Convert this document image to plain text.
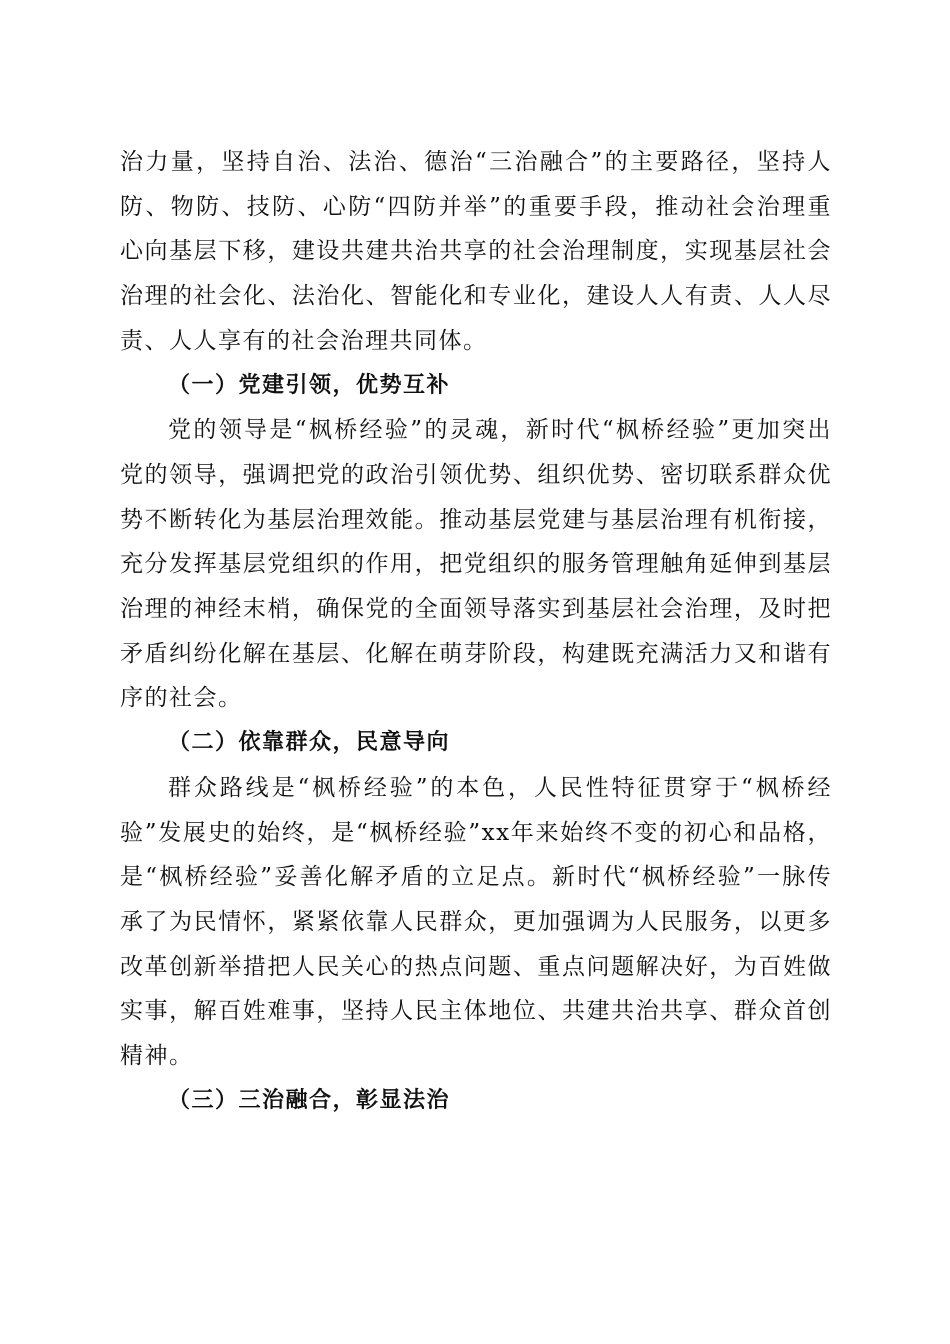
治力量，坚持自治、法治、德治“三治融合”的主要路径，坚持人防、物防、技防、心防“四防并举”的重要手段，推动社会治理重心向基层下移，建设共建共治共享的社会治理制度，实现基层社会治理的社会化、法治化、智能化和专业化，建设人人有责、人人尽责、人人享有的社会治理共同体。

（一）党建引领，优势互补

党的领导是“枫桥经验”的灵魂，新时代“枫桥经验”更加突出党的领导，强调把党的政治引领优势、组织优势、密切联系群众优势不断转化为基层治理效能。推动基层党建与基层治理有机衔接，充分发挥基层党组织的作用，把党组织的服务管理触角延伸到基层治理的神经末梢，确保党的全面领导落实到基层社会治理，及时把矛盾纠纷化解在基层、化解在萌芽阶段，构建既充满活力又和谐有序的社会。

（二）依靠群众，民意导向

群众路线是“枫桥经验”的本色，人民性特征贯穿于“枫桥经验”发展史的始终，是“枫桥经验”xx年来始终不变的初心和品格，是“枫桥经验”妥善化解矛盾的立足点。新时代“枫桥经验”一脉传承了为民情怀，紧紧依靠人民群众，更加强调为人民服务，以更多改革创新举措把人民关心的热点问题、重点问题解决好，为百姓做实事，解百姓难事，坚持人民主体地位、共建共治共享、群众首创精神。

（三）三治融合，彰显法治
